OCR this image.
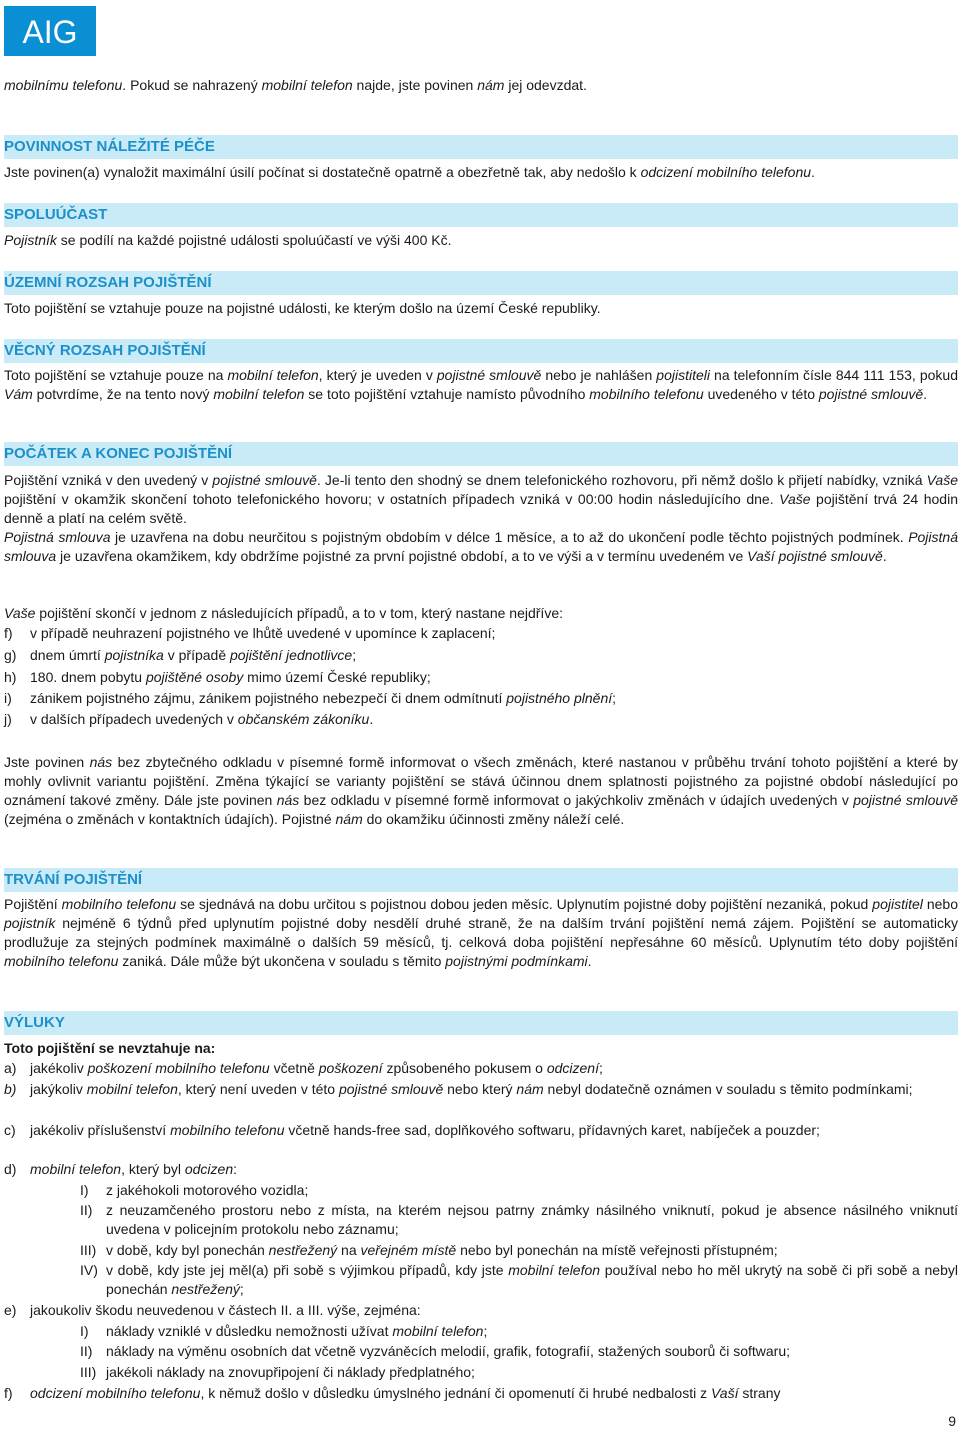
AIG
mobilnímu telefonu. Pokud se nahrazený mobilní telefon najde, jste povinen nám jej odevzdat.
POVINNOST NÁLEŽITÉ PÉČE
Jste povinen(a) vynaložit maximální úsilí počínat si dostatečně opatrně a obezřetně tak, aby nedošlo k odcizení mobilního telefonu.
SPOLUÚČAST
Pojistník se podílí na každé pojistné události spoluúčastí ve výši 400 Kč.
ÚZEMNÍ ROZSAH POJIŠTĚNÍ
Toto pojištění se vztahuje pouze na pojistné události, ke kterým došlo na území České republiky.
VĚCNÝ ROZSAH POJIŠTĚNÍ
Toto pojištění se vztahuje pouze na mobilní telefon, který je uveden v pojistné smlouvě nebo je nahlášen pojistiteli na telefonním čísle 844 111 153, pokud Vám potvrdíme, že na tento nový mobilní telefon se toto pojištění vztahuje namísto původního mobilního telefonu uvedeného v této pojistné smlouvě.
POČÁTEK A KONEC POJIŠTĚNÍ
Pojištění vzniká v den uvedený v pojistné smlouvě. Je-li tento den shodný se dnem telefonického rozhovoru, při němž došlo k přijetí nabídky, vzniká Vaše pojištění v okamžik skončení tohoto telefonického hovoru; v ostatních případech vzniká v 00:00 hodin následujícího dne. Vaše pojištění trvá 24 hodin denně a platí na celém světě.
Pojistná smlouva je uzavřena na dobu neurčitou s pojistným obdobím v délce 1 měsíce, a to až do ukončení podle těchto pojistných podmínek. Pojistná smlouva je uzavřena okamžikem, kdy obdržíme pojistné za první pojistné období, a to ve výši a v termínu uvedeném ve Vaší pojistné smlouvě.
Vaše pojištění skončí v jednom z následujících případů, a to v tom, který nastane nejdříve:
f) v případě neuhrazení pojistného ve lhůtě uvedené v upomínce k zaplacení;
g) dnem úmrtí pojistníka v případě pojištění jednotlivce;
h) 180. dnem pobytu pojištěné osoby mimo území České republiky;
i) zánikem pojistného zájmu, zánikem pojistného nebezpečí či dnem odmítnutí pojistného plnění;
j) v dalších případech uvedených v občanském zákoníku.
Jste povinen nás bez zbytečného odkladu v písemné formě informovat o všech změnách, které nastanou v průběhu trvání tohoto pojištění a které by mohly ovlivnit variantu pojištění. Změna týkající se varianty pojištění se stává účinnou dnem splatnosti pojistného za pojistné období následující po oznámení takové změny. Dále jste povinen nás bez odkladu v písemné formě informovat o jakýchkoliv změnách v údajích uvedených v pojistné smlouvě (zejména o změnách v kontaktních údajích). Pojistné nám do okamžiku účinnosti změny náleží celé.
TRVÁNÍ POJIŠTĚNÍ
Pojištění mobilního telefonu se sjednává na dobu určitou s pojistnou dobou jeden měsíc. Uplynutím pojistné doby pojištění nezaniká, pokud pojistitel nebo pojistník nejméně 6 týdnů před uplynutím pojistné doby nesdělí druhé straně, že na dalším trvání pojištění nemá zájem. Pojištění se automaticky prodlužuje za stejných podmínek maximálně o dalších 59 měsíců, tj. celková doba pojištění nepřesáhne 60 měsíců. Uplynutím této doby pojištění mobilního telefonu zaniká. Dále může být ukončena v souladu s těmito pojistnými podmínkami.
VÝLUKY
Toto pojištění se nevztahuje na:
a) jakékoliv poškození mobilního telefonu včetně poškození způsobeného pokusem o odcizení;
b) jakýkoliv mobilní telefon, který není uveden v této pojistné smlouvě nebo který nám nebyl dodatečně oznámen v souladu s těmito podmínkami;
c) jakékoliv příslušenství mobilního telefonu včetně hands-free sad, doplňkového softwaru, přídavných karet, nabíječek a pouzder;
d) mobilní telefon, který byl odcizen:
I) z jakéhokoli motorového vozidla;
II) z neuzamčeného prostoru nebo z místa, na kterém nejsou patrny známky násilného vniknutí, pokud je absence násilného vniknutí uvedena v policejním protokolu nebo záznamu;
III) v době, kdy byl ponechán nestřežený na veřejném místě nebo byl ponechán na místě veřejnosti přístupném;
IV) v době, kdy jste jej měl(a) při sobě s výjimkou případů, kdy jste mobilní telefon používal nebo ho měl ukrytý na sobě či při sobě a nebyl ponechán nestřežený;
e) jakoukoliv škodu neuvedenou v částech II. a III. výše, zejména:
I) náklady vzniklé v důsledku nemožnosti užívat mobilní telefon;
II) náklady na výměnu osobních dat včetně vyzváněcích melodií, grafik, fotografií, stažených souborů či softwaru;
III) jakékoli náklady na znovupřipojení či náklady předplatného;
f) odcizení mobilního telefonu, k němuž došlo v důsledku úmyslného jednání či opomenutí či hrubé nedbalosti z Vaší strany
9
